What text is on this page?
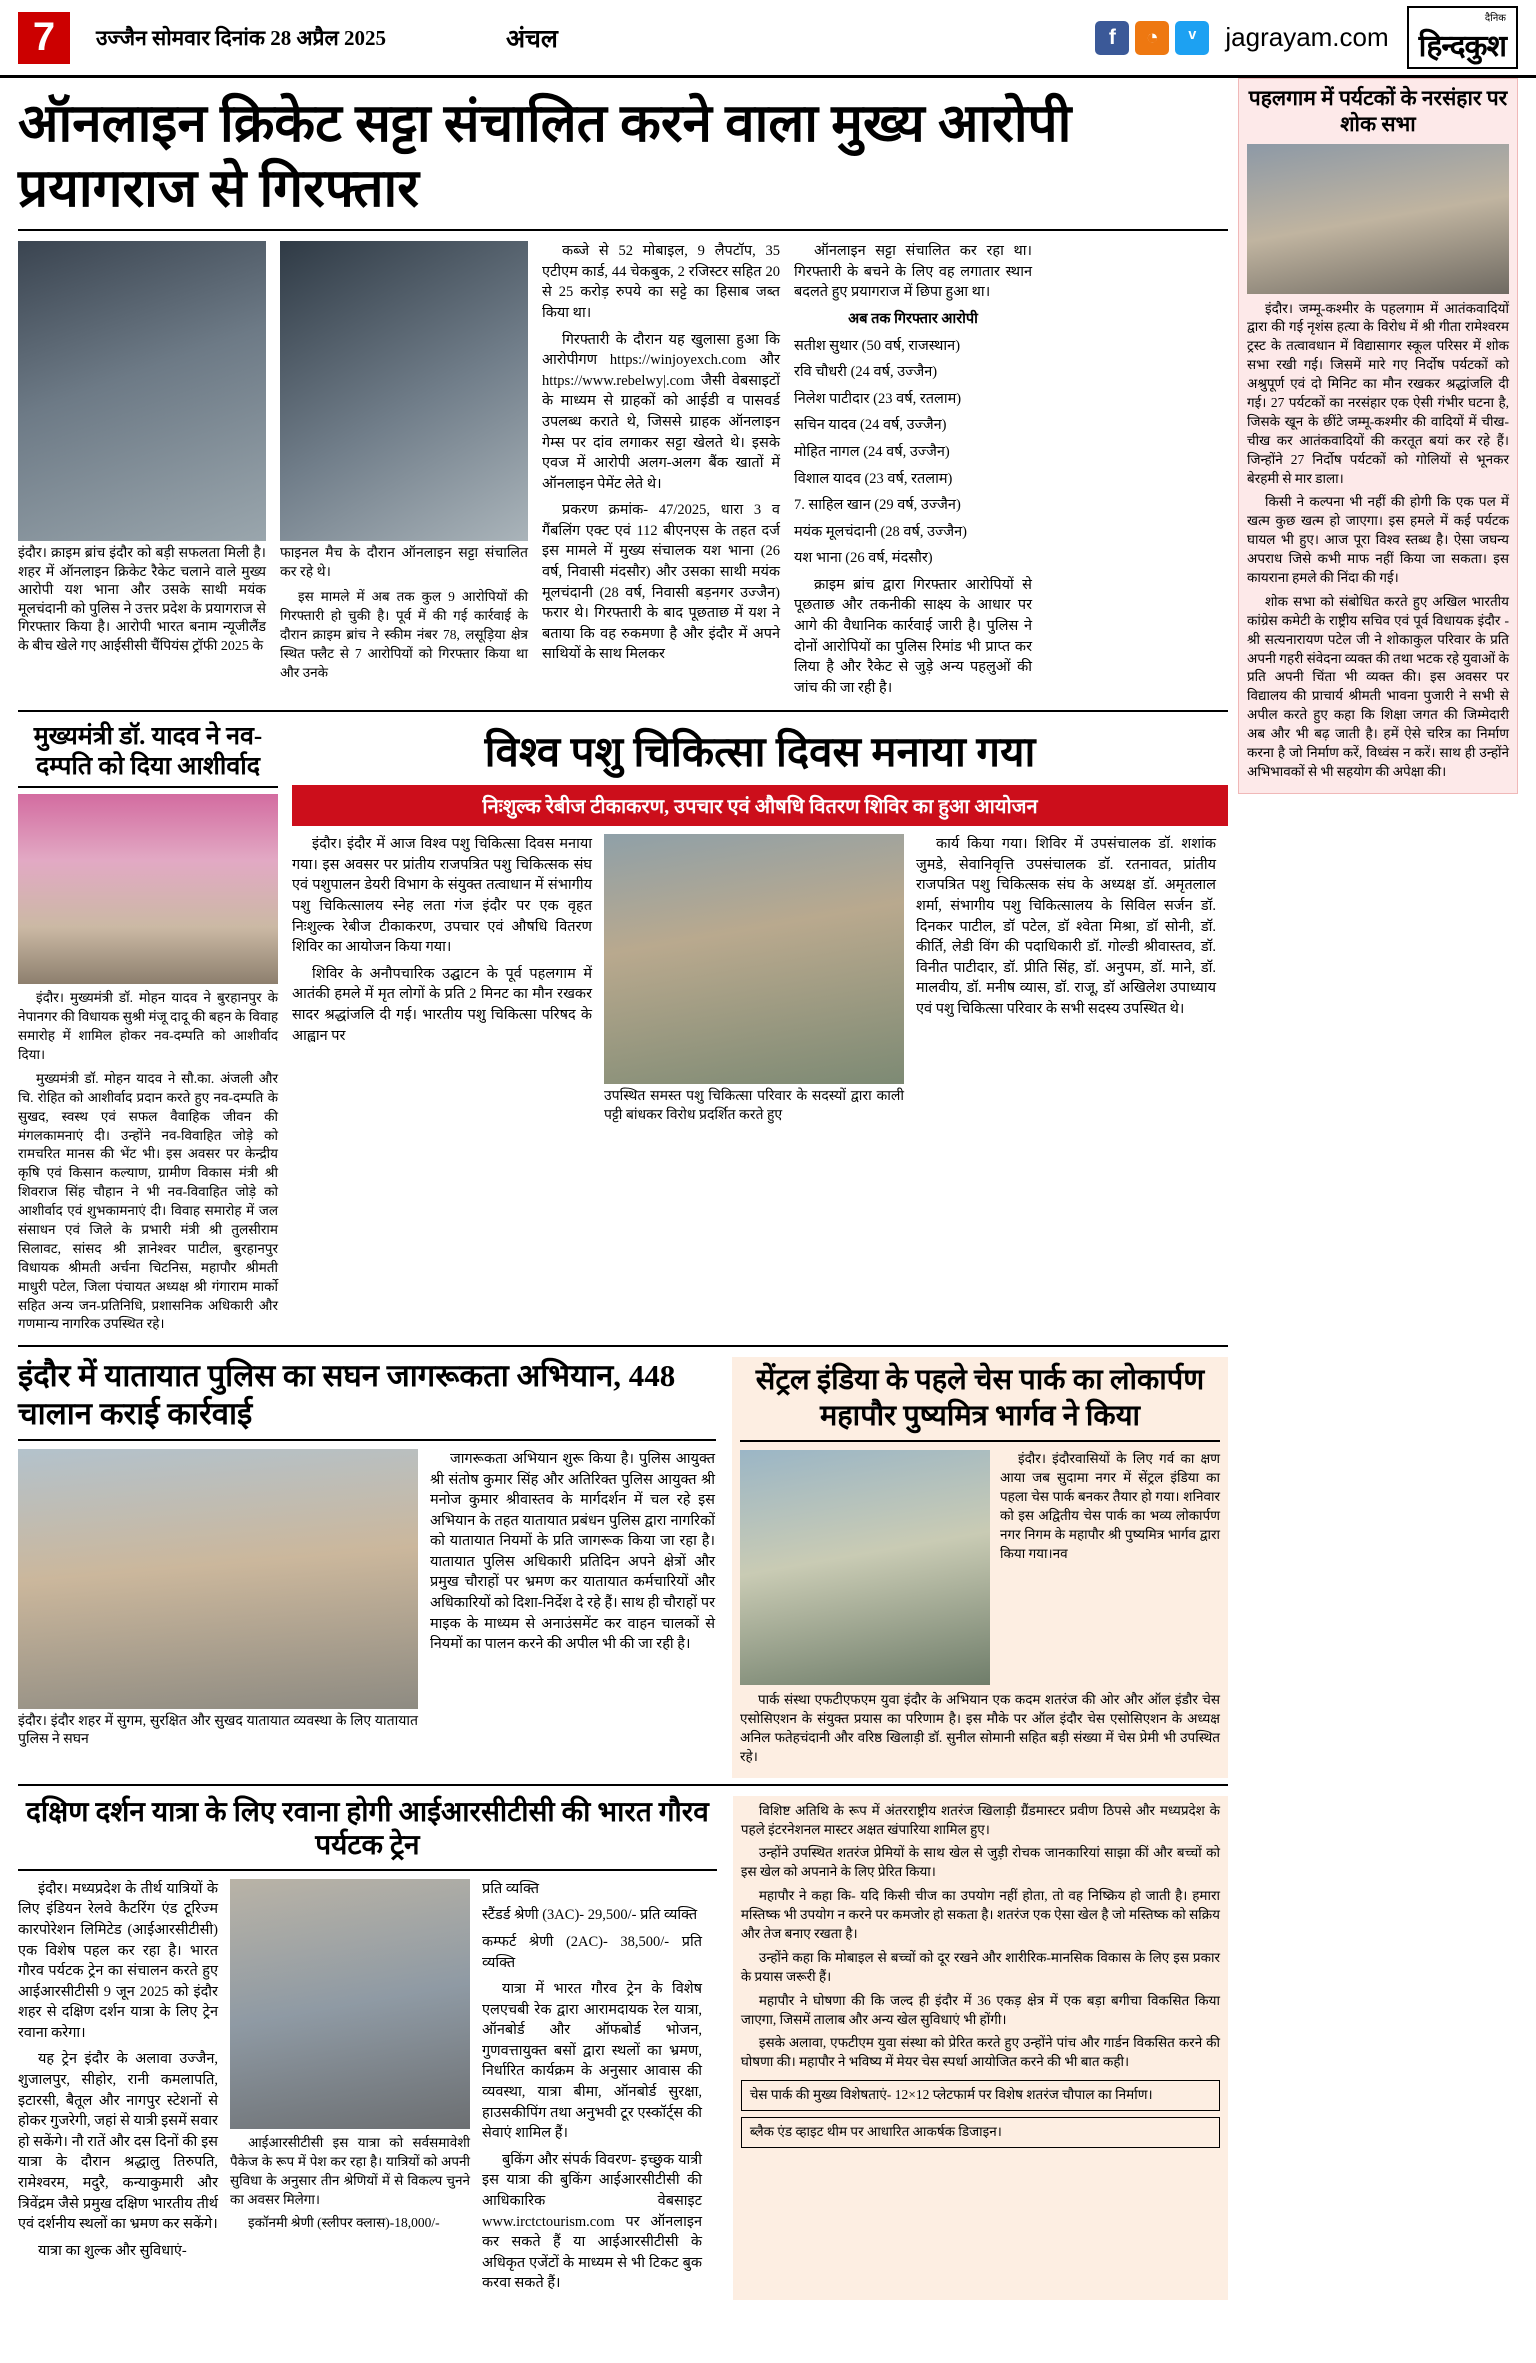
7	उज्जैन सोमवार दिनांक 28 अप्रैल 2025	अंचल	f	◔	ᵛ	jagrayam.com
दैनिक
हिन्दकुश
ऑनलाइन क्रिकेट सट्टा संचालित करने वाला मुख्य आरोपी प्रयागराज से गिरफ्तार
इंदौर। क्राइम ब्रांच इंदौर को बड़ी सफलता मिली है। शहर में ऑनलाइन क्रिकेट रैकेट चलाने वाले मुख्य आरोपी यश भाना और उसके साथी मयंक मूलचंदानी को पुलिस ने उत्तर प्रदेश के प्रयागराज से गिरफ्तार किया है। आरोपी भारत बनाम न्यूजीलैंड के बीच खेले गए आईसीसी चैंपियंस ट्रॉफी 2025 के
फाइनल मैच के दौरान ऑनलाइन सट्टा संचालित कर रहे थे।

इस मामले में अब तक कुल 9 आरोपियों की गिरफ्तारी हो चुकी है। पूर्व में की गई कार्रवाई के दौरान क्राइम ब्रांच ने स्कीम नंबर 78, लसूड़िया क्षेत्र स्थित फ्लैट से 7 आरोपियों को गिरफ्तार किया था और उनके

कब्जे से 52 मोबाइल, 9 लैपटॉप, 35 एटीएम कार्ड, 44 चेकबुक, 2 रजिस्टर सहित 20 से 25 करोड़ रुपये का सट्टे का हिसाब जब्त किया था।

गिरफ्तारी के दौरान यह खुलासा हुआ कि आरोपीगण https://winjoyexch.com और https://www.rebelwy|.com जैसी वेबसाइटों के माध्यम से ग्राहकों को आईडी व पासवर्ड उपलब्ध कराते थे, जिससे ग्राहक ऑनलाइन गेम्स पर दांव लगाकर सट्टा खेलते थे। इसके एवज में आरोपी अलग-अलग बैंक खातों में ऑनलाइन पेमेंट लेते थे।

प्रकरण क्रमांक- 47/2025, धारा 3 व गैंबलिंग एक्ट एवं 112 बीएनएस के तहत दर्ज इस मामले में मुख्य संचालक यश भाना (26 वर्ष, निवासी मंदसौर) और उसका साथी मयंक मूलचंदानी (28 वर्ष, निवासी बड़नगर उज्जैन) फरार थे। गिरफ्तारी के बाद पूछताछ में यश ने बताया कि वह रुकमणा है और इंदौर में अपने साथियों के साथ मिलकर

ऑनलाइन सट्टा संचालित कर रहा था। गिरफ्तारी के बचने के लिए वह लगातार स्थान बदलते हुए प्रयागराज में छिपा हुआ था।

अब तक गिरफ्तार आरोपी

सतीश सुथार (50 वर्ष, राजस्थान)

रवि चौधरी (24 वर्ष, उज्जैन)

निलेश पाटीदार (23 वर्ष, रतलाम)

सचिन यादव (24 वर्ष, उज्जैन)

मोहित नागल (24 वर्ष, उज्जैन)

विशाल यादव (23 वर्ष, रतलाम)

7. साहिल खान (29 वर्ष, उज्जैन)

मयंक मूलचंदानी (28 वर्ष, उज्जैन)

यश भाना (26 वर्ष, मंदसौर)

क्राइम ब्रांच द्वारा गिरफ्तार आरोपियों से पूछताछ और तकनीकी साक्ष्य के आधार पर आगे की वैधानिक कार्रवाई जारी है। पुलिस ने दोनों आरोपियों का पुलिस रिमांड भी प्राप्त कर लिया है और रैकेट से जुड़े अन्य पहलुओं की जांच की जा रही है।

मुख्यमंत्री डॉ. यादव ने नव-दम्पति को दिया आशीर्वाद

इंदौर। मुख्यमंत्री डॉ. मोहन यादव ने बुरहानपुर के नेपानगर की विधायक सुश्री मंजू दादू की बहन के विवाह समारोह में शामिल होकर नव-दम्पति को आशीर्वाद दिया।

मुख्यमंत्री डॉ. मोहन यादव ने सौ.का. अंजली और चि. रोहित को आशीर्वाद प्रदान करते हुए नव-दम्पति के सुखद, स्वस्थ एवं सफल वैवाहिक जीवन की मंगलकामनाएं दी। उन्होंने नव-विवाहित जोड़े को रामचरित मानस की भेंट भी। इस अवसर पर केन्द्रीय कृषि एवं किसान कल्याण, ग्रामीण विकास मंत्री श्री शिवराज सिंह चौहान ने भी नव-विवाहित जोड़े को आशीर्वाद एवं शुभकामनाएं दी। विवाह समारोह में जल संसाधन एवं जिले के प्रभारी मंत्री श्री तुलसीराम सिलावट, सांसद श्री ज्ञानेश्वर पाटील, बुरहानपुर विधायक श्रीमती अर्चना चिटनिस, महापौर श्रीमती माधुरी पटेल, जिला पंचायत अध्यक्ष श्री गंगाराम मार्को सहित अन्य जन-प्रतिनिधि, प्रशासनिक अधिकारी और गणमान्य नागरिक उपस्थित रहे।

विश्व पशु चिकित्सा दिवस मनाया गया
निःशुल्क रेबीज टीकाकरण, उपचार एवं औषधि वितरण शिविर का हुआ आयोजन

इंदौर। इंदौर में आज विश्व पशु चिकित्सा दिवस मनाया गया। इस अवसर पर प्रांतीय राजपत्रित पशु चिकित्सक संघ एवं पशुपालन डेयरी विभाग के संयुक्त तत्वाधान में संभागीय पशु चिकित्सालय स्नेह लता गंज इंदौर पर एक वृहत निःशुल्क रेबीज टीकाकरण, उपचार एवं औषधि वितरण शिविर का आयोजन किया गया।

शिविर के अनौपचारिक उद्घाटन के पूर्व पहलगाम में आतंकी हमले में मृत लोगों के प्रति 2 मिनट का मौन रखकर सादर श्रद्धांजलि दी गई। भारतीय पशु चिकित्सा परिषद के आह्वान पर

उपस्थित समस्त पशु चिकित्सा परिवार के सदस्यों द्वारा काली पट्टी बांधकर विरोध प्रदर्शित करते हुए

कार्य किया गया। शिविर में उपसंचालक डॉ. शशांक जुमडे, सेवानिवृत्ति उपसंचालक डॉ. रतनावत, प्रांतीय राजपत्रित पशु चिकित्सक संघ के अध्यक्ष डॉ. अमृतलाल शर्मा, संभागीय पशु चिकित्सालय के सिविल सर्जन डॉ. दिनकर पाटील, डॉ पटेल, डॉ श्वेता मिश्रा, डॉ सोनी, डॉ. कीर्ति, लेडी विंग की पदाधिकारी डॉ. गोल्डी श्रीवास्तव, डॉ. विनीत पाटीदार, डॉ. प्रीति सिंह, डॉ. अनुपम, डॉ. माने, डॉ. मालवीय, डॉ. मनीष व्यास, डॉ. राजू, डॉ अखिलेश उपाध्याय एवं पशु चिकित्सा परिवार के सभी सदस्य उपस्थित थे।

इंदौर में यातायात पुलिस का सघन जागरूकता अभियान, 448 चालान कराई कार्रवाई
इंदौर। इंदौर शहर में सुगम, सुरक्षित और सुखद यातायात व्यवस्था के लिए यातायात पुलिस ने सघन

जागरूकता अभियान शुरू किया है। पुलिस आयुक्त श्री संतोष कुमार सिंह और अतिरिक्त पुलिस आयुक्त श्री मनोज कुमार श्रीवास्तव के मार्गदर्शन में चल रहे इस अभियान के तहत यातायात प्रबंधन पुलिस द्वारा नागरिकों को यातायात नियमों के प्रति जागरूक किया जा रहा है। यातायात पुलिस अधिकारी प्रतिदिन अपने क्षेत्रों और प्रमुख चौराहों पर भ्रमण कर यातायात कर्मचारियों और अधिकारियों को दिशा-निर्देश दे रहे हैं। साथ ही चौराहों पर माइक के माध्यम से अनाउंसमेंट कर वाहन चालकों से नियमों का पालन करने की अपील भी की जा रही है।

सेंट्रल इंडिया के पहले चेस पार्क का लोकार्पण महापौर पुष्यमित्र भार्गव ने किया

इंदौर। इंदौरवासियों के लिए गर्व का क्षण आया जब सुदामा नगर में सेंट्रल इंडिया का पहला चेस पार्क बनकर तैयार हो गया। शनिवार को इस अद्वितीय चेस पार्क का भव्य लोकार्पण नगर निगम के महापौर श्री पुष्यमित्र भार्गव द्वारा किया गया।नव

पार्क संस्था एफटीएफएम युवा इंदौर के अभियान एक कदम शतरंज की ओर और ऑल इंडौर चेस एसोसिएशन के संयुक्त प्रयास का परिणाम है। इस मौके पर ऑल इंदौर चेस एसोसिएशन के अध्यक्ष अनिल फतेहचंदानी और वरिष्ठ खिलाड़ी डॉ. सुनील सोमानी सहित बड़ी संख्या में चेस प्रेमी भी उपस्थित रहे।

दक्षिण दर्शन यात्रा के लिए रवाना होगी आईआरसीटीसी की भारत गौरव पर्यटक ट्रेन

इंदौर। मध्यप्रदेश के तीर्थ यात्रियों के लिए इंडियन रेलवे कैटरिंग एंड टूरिज्म कारपोरेशन लिमिटेड (आईआरसीटीसी) एक विशेष पहल कर रहा है। भारत गौरव पर्यटक ट्रेन का संचालन करते हुए आईआरसीटीसी 9 जून 2025 को इंदौर शहर से दक्षिण दर्शन यात्रा के लिए ट्रेन रवाना करेगा।

यह ट्रेन इंदौर के अलावा उज्जैन, शुजालपुर, सीहोर, रानी कमलापति, इटारसी, बैतूल और नागपुर स्टेशनों से होकर गुजरेगी, जहां से यात्री इसमें सवार हो सकेंगे। नौ रातें और दस दिनों की इस यात्रा के दौरान श्रद्धालु तिरुपति, रामेश्वरम, मदुरै, कन्याकुमारी और त्रिवेंद्रम जैसे प्रमुख दक्षिण भारतीय तीर्थ एवं दर्शनीय स्थलों का भ्रमण कर सकेंगे।

यात्रा का शुल्क और सुविधाएं-

आईआरसीटीसी इस यात्रा को सर्वसमावेशी पैकेज के रूप में पेश कर रहा है। यात्रियों को अपनी सुविधा के अनुसार तीन श्रेणियों में से विकल्प चुनने का अवसर मिलेगा।

इकॉनमी श्रेणी (स्लीपर क्लास)-18,000/-

प्रति व्यक्ति

स्टैंडर्ड श्रेणी (3AC)- 29,500/- प्रति व्यक्ति

कम्फर्ट श्रेणी (2AC)- 38,500/- प्रति व्यक्ति

यात्रा में भारत गौरव ट्रेन के विशेष एलएचबी रेक द्वारा आरामदायक रेल यात्रा, ऑनबोर्ड और ऑफबोर्ड भोजन, गुणवत्तायुक्त बसों द्वारा स्थलों का भ्रमण, निर्धारित कार्यक्रम के अनुसार आवास की व्यवस्था, यात्रा बीमा, ऑनबोर्ड सुरक्षा, हाउसकीपिंग तथा अनुभवी टूर एस्कॉर्ट्स की सेवाएं शामिल हैं।

बुकिंग और संपर्क विवरण- इच्छुक यात्री इस यात्रा की बुकिंग आईआरसीटीसी की आधिकारिक वेबसाइट www.irctctourism.com पर ऑनलाइन कर सकते हैं या आईआरसीटीसी के अधिकृत एजेंटों के माध्यम से भी टिकट बुक करवा सकते हैं।

विशिष्ट अतिथि के रूप में अंतरराष्ट्रीय शतरंज खिलाड़ी ग्रैंडमास्टर प्रवीण ठिपसे और मध्यप्रदेश के पहले इंटरनेशनल मास्टर अक्षत खंपारिया शामिल हुए।

उन्होंने उपस्थित शतरंज प्रेमियों के साथ खेल से जुड़ी रोचक जानकारियां साझा कीं और बच्चों को इस खेल को अपनाने के लिए प्रेरित किया।

महापौर ने कहा कि- यदि किसी चीज का उपयोग नहीं होता, तो वह निष्क्रिय हो जाती है। हमारा मस्तिष्क भी उपयोग न करने पर कमजोर हो सकता है। शतरंज एक ऐसा खेल है जो मस्तिष्क को सक्रिय और तेज बनाए रखता है।

उन्होंने कहा कि मोबाइल से बच्चों को दूर रखने और शारीरिक-मानसिक विकास के लिए इस प्रकार के प्रयास जरूरी हैं।

महापौर ने घोषणा की कि जल्द ही इंदौर में 36 एकड़ क्षेत्र में एक बड़ा बगीचा विकसित किया जाएगा, जिसमें तालाब और अन्य खेल सुविधाएं भी होंगी।

इसके अलावा, एफटीएम युवा संस्था को प्रेरित करते हुए उन्होंने पांच और गार्डन विकसित करने की घोषणा की। महापौर ने भविष्य में मेयर चेस स्पर्धा आयोजित करने की भी बात कही।

चेस पार्क की मुख्य विशेषताएं- 12×12 प्लेटफार्म पर विशेष शतरंज चौपाल का निर्माण।

ब्लैक एंड व्हाइट थीम पर आधारित आकर्षक डिजाइन।

पहलगाम में पर्यटकों के नरसंहार पर शोक सभा

इंदौर। जम्मू-कश्मीर के पहलगाम में आतंकवादियों द्वारा की गई नृशंस हत्या के विरोध में श्री गीता रामेश्वरम ट्रस्ट के तत्वावधान में विद्यासागर स्कूल परिसर में शोक सभा रखी गई। जिसमें मारे गए निर्दोष पर्यटकों को अश्रुपूर्ण एवं दो मिनिट का मौन रखकर श्रद्धांजलि दी गई। 27 पर्यटकों का नरसंहार एक ऐसी गंभीर घटना है, जिसके खून के छींटे जम्मू-कश्मीर की वादियों में चीख-चीख कर आतंकवादियों की करतूत बयां कर रहे हैं। जिन्होंने 27 निर्दोष पर्यटकों को गोलियों से भूनकर बेरहमी से मार डाला।

किसी ने कल्पना भी नहीं की होगी कि एक पल में खत्म कुछ खत्म हो जाएगा। इस हमले में कई पर्यटक घायल भी हुए। आज पूरा विश्व स्तब्ध है। ऐसा जघन्य अपराध जिसे कभी माफ नहीं किया जा सकता। इस कायराना हमले की निंदा की गई।

शोक सभा को संबोधित करते हुए अखिल भारतीय कांग्रेस कमेटी के राष्ट्रीय सचिव एवं पूर्व विधायक इंदौर - श्री सत्यनारायण पटेल जी ने शोकाकुल परिवार के प्रति अपनी गहरी संवेदना व्यक्त की तथा भटक रहे युवाओं के प्रति अपनी चिंता भी व्यक्त की। इस अवसर पर विद्यालय की प्राचार्य श्रीमती भावना पुजारी ने सभी से अपील करते हुए कहा कि शिक्षा जगत की जिम्मेदारी अब और भी बढ़ जाती है। हमें ऐसे चरित्र का निर्माण करना है जो निर्माण करें, विध्वंस न करें। साथ ही उन्होंने अभिभावकों से भी सहयोग की अपेक्षा की।
